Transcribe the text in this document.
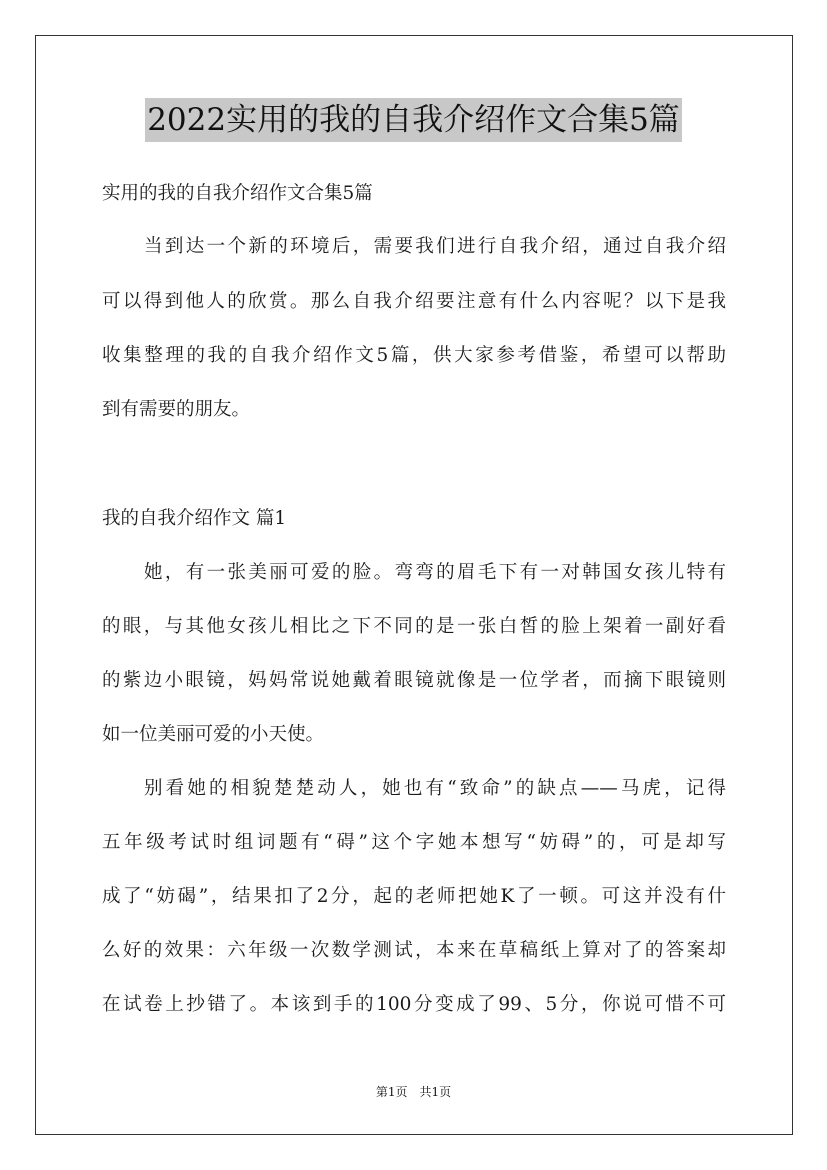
2022实用的我的自我介绍作文合集5篇
实用的我的自我介绍作文合集5篇
当到达一个新的环境后，需要我们进行自我介绍，通过自我介绍
可以得到他人的欣赏。那么自我介绍要注意有什么内容呢？以下是我
收集整理的我的自我介绍作文5篇，供大家参考借鉴，希望可以帮助
到有需要的朋友。
我的自我介绍作文 篇1
她，有一张美丽可爱的脸。弯弯的眉毛下有一对韩国女孩儿特有
的眼，与其他女孩儿相比之下不同的是一张白皙的脸上架着一副好看
的紫边小眼镜，妈妈常说她戴着眼镜就像是一位学者，而摘下眼镜则
如一位美丽可爱的小天使。
别看她的相貌楚楚动人，她也有“致命”的缺点——马虎，记得
五年级考试时组词题有“碍”这个字她本想写“妨碍”的，可是却写
成了“妨碣”，结果扣了2分，起的老师把她K了一顿。可这并没有什
么好的效果：六年级一次数学测试，本来在草稿纸上算对了的答案却
在试卷上抄错了。本该到手的100分变成了99、5分，你说可惜不可
第1页 共1页
